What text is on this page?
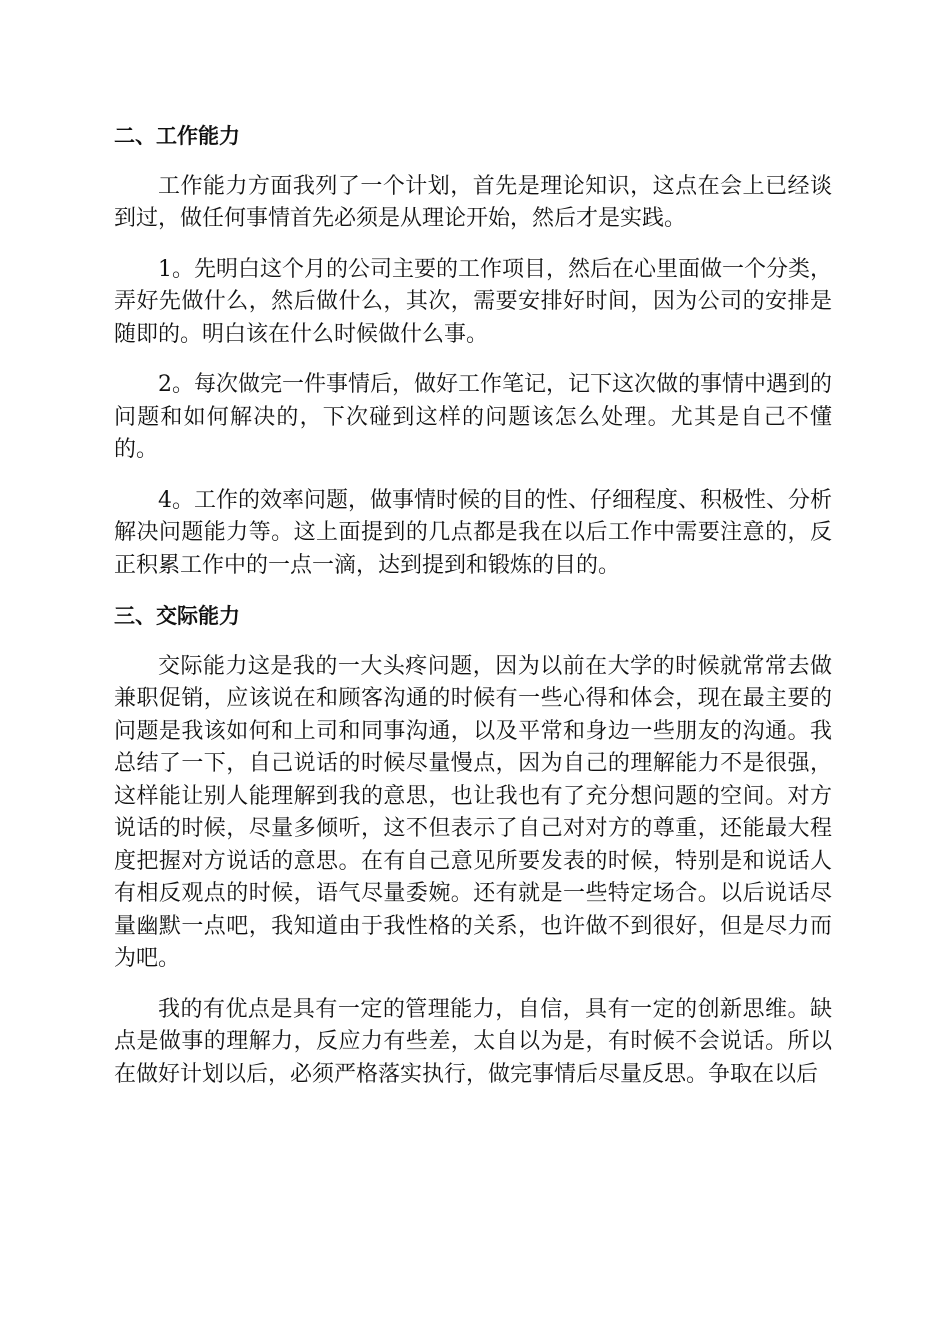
二、工作能力

工作能力方面我列了一个计划，首先是理论知识，这点在会上已经谈到过，做任何事情首先必须是从理论开始，然后才是实践。

1。先明白这个月的公司主要的工作项目，然后在心里面做一个分类，弄好先做什么，然后做什么，其次，需要安排好时间，因为公司的安排是随即的。明白该在什么时候做什么事。

2。每次做完一件事情后，做好工作笔记，记下这次做的事情中遇到的问题和如何解决的，下次碰到这样的问题该怎么处理。尤其是自己不懂的。

4。工作的效率问题，做事情时候的目的性、仔细程度、积极性、分析解决问题能力等。这上面提到的几点都是我在以后工作中需要注意的，反正积累工作中的一点一滴，达到提到和锻炼的目的。

三、交际能力

交际能力这是我的一大头疼问题，因为以前在大学的时候就常常去做兼职促销，应该说在和顾客沟通的时候有一些心得和体会，现在最主要的问题是我该如何和上司和同事沟通，以及平常和身边一些朋友的沟通。我总结了一下，自己说话的时候尽量慢点，因为自己的理解能力不是很强，这样能让别人能理解到我的意思，也让我也有了充分想问题的空间。对方说话的时候，尽量多倾听，这不但表示了自己对对方的尊重，还能最大程度把握对方说话的意思。在有自己意见所要发表的时候，特别是和说话人有相反观点的时候，语气尽量委婉。还有就是一些特定场合。以后说话尽量幽默一点吧，我知道由于我性格的关系，也许做不到很好，但是尽力而为吧。

我的有优点是具有一定的管理能力，自信，具有一定的创新思维。缺点是做事的理解力，反应力有些差，太自以为是，有时候不会说话。所以在做好计划以后，必须严格落实执行，做完事情后尽量反思。争取在以后
